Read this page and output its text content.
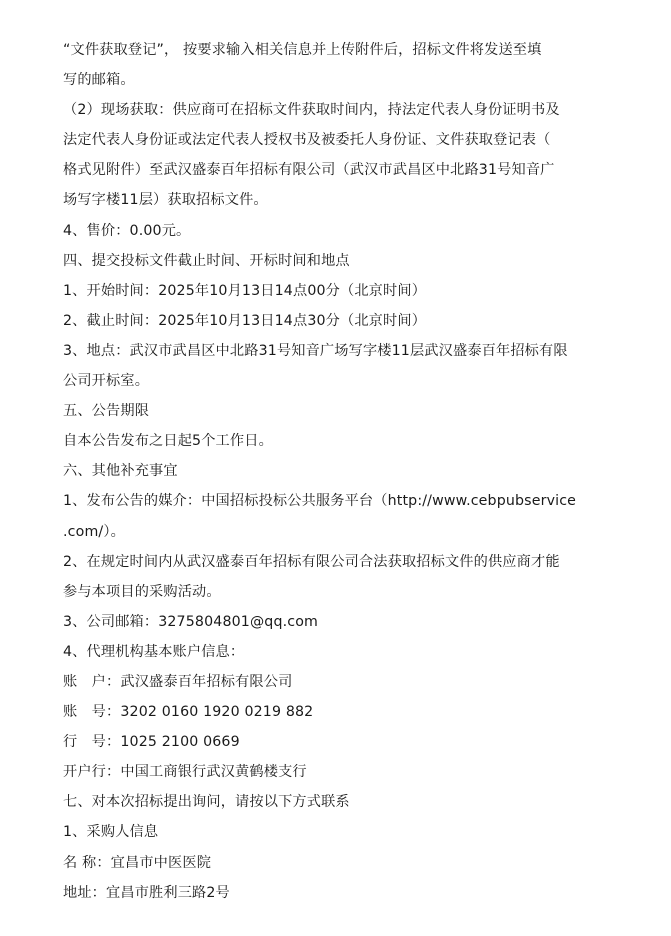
“文件获取登记”， 按要求输入相关信息并上传附件后，招标文件将发送至填
写的邮箱。
（2）现场获取：供应商可在招标文件获取时间内，持法定代表人身份证明书及
法定代表人身份证或法定代表人授权书及被委托人身份证、文件获取登记表（
格式见附件）至武汉盛泰百年招标有限公司（武汉市武昌区中北路31号知音广
场写字楼11层）获取招标文件。
4、售价：0.00元。
四、提交投标文件截止时间、开标时间和地点
1、开始时间：2025年10月13日14点00分（北京时间）
2、截止时间：2025年10月13日14点30分（北京时间）
3、地点：武汉市武昌区中北路31号知音广场写字楼11层武汉盛泰百年招标有限
公司开标室。
五、公告期限
自本公告发布之日起5个工作日。
六、其他补充事宜
1、发布公告的媒介：中国招标投标公共服务平台（http://www.cebpubservice
.com/）。
2、在规定时间内从武汉盛泰百年招标有限公司合法获取招标文件的供应商才能
参与本项目的采购活动。
3、公司邮箱：3275804801@qq.com
4、代理机构基本账户信息：
账　户：武汉盛泰百年招标有限公司
账　号：3202 0160 1920 0219 882
行　号：1025 2100 0669
开户行：中国工商银行武汉黄鹤楼支行
七、对本次招标提出询问，请按以下方式联系
1、采购人信息
名 称：宜昌市中医医院
地址：宜昌市胜利三路2号
